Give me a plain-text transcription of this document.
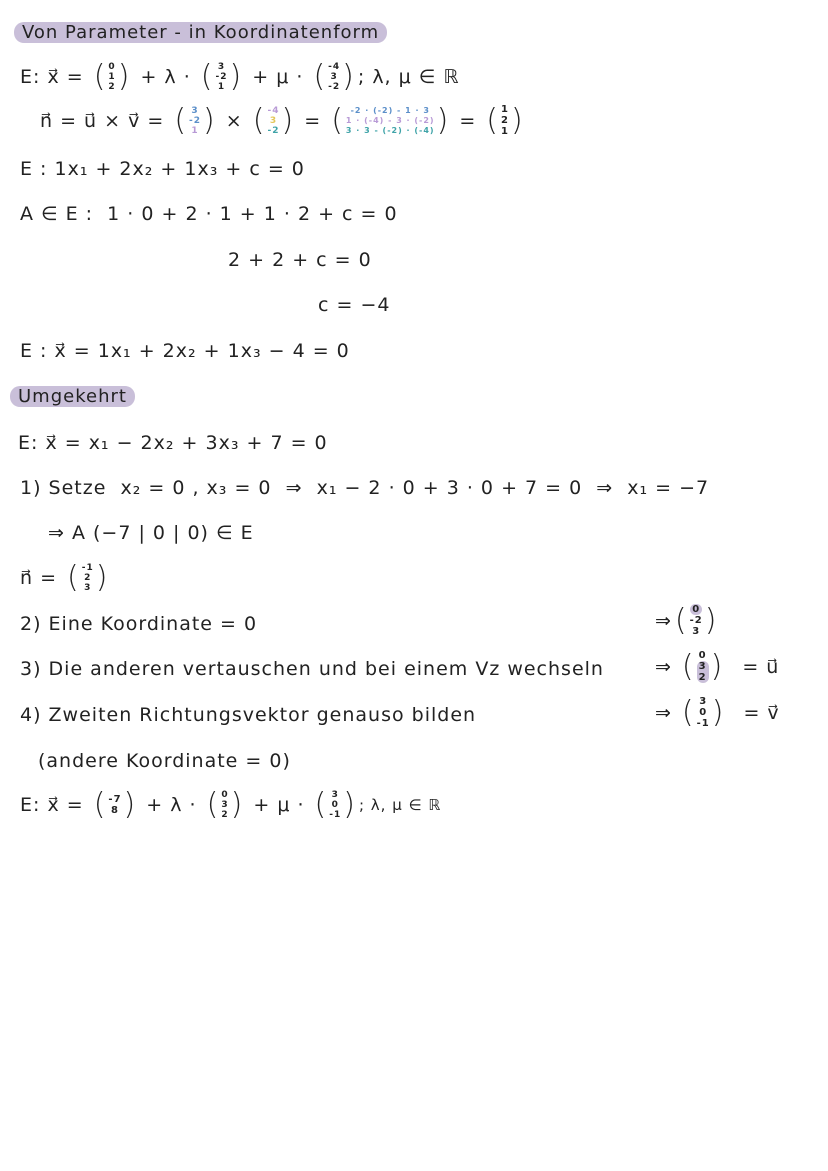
Von Parameter - in Koordinatenform
E: x⃗ = ( 0
1
2 ) + λ · ( 3
-2
1 ) + μ · ( -4
3
-2 ) ; λ, μ ∈ ℝ
n⃗ = u⃗ × v⃗ = ( 3
-2
1 ) × ( -4
3
-2 ) = ( -2 · (-2) - 1 · 3
1 · (-4) - 3 · (-2)
3 · 3 - (-2) · (-4) ) = ( 1
2
1 )
E : 1x₁ + 2x₂ + 1x₃ + c = 0
A ∈ E :  1 · 0 + 2 · 1 + 1 · 2 + c = 0
2 + 2 + c = 0
c = −4
E : x⃗ = 1x₁ + 2x₂ + 1x₃ − 4 = 0
Umgekehrt
E: x⃗ = x₁ − 2x₂ + 3x₃ + 7 = 0
1) Setze  x₂ = 0 , x₃ = 0  ⇒  x₁ − 2 · 0 + 3 · 0 + 7 = 0  ⇒  x₁ = −7
⇒ A (−7 | 0 | 0) ∈ E
n⃗ = ( -1
2
3 )
2) Eine Koordinate = 0	⇒ ( 0
-2
3 )
3) Die anderen vertauschen und bei einem Vz wechseln	⇒ ( 0
3
2 ) = u⃗
4) Zweiten Richtungsvektor genauso bilden	⇒ ( 3
0
-1 ) = v⃗
(andere Koordinate = 0)
E: x⃗ = ( -7
8 ) + λ · ( 0
3
2 ) + μ · ( 3
0
-1 ) ; λ, μ ∈ ℝ
